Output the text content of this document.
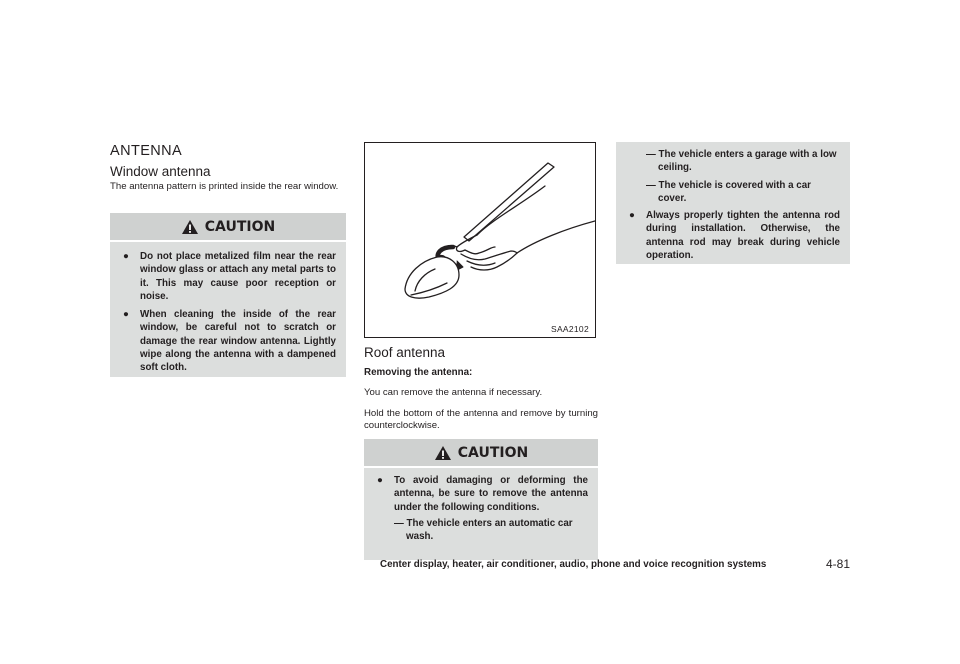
ANTENNA
Window antenna

The antenna pattern is printed inside the rear window.

CAUTION
● Do not place metalized film near the rear window glass or attach any metal parts to it. This may cause poor reception or noise.
● When cleaning the inside of the rear window, be careful not to scratch or damage the rear window antenna. Lightly wipe along the antenna with a dampened soft cloth.
SAA2102
Roof antenna

Removing the antenna:

You can remove the antenna if necessary.

Hold the bottom of the antenna and remove by turning counterclockwise.

CAUTION
● To avoid damaging or deforming the antenna, be sure to remove the antenna under the following conditions.
— The vehicle enters an automatic car wash.
— The vehicle enters a garage with a low ceiling.
— The vehicle is covered with a car cover.
● Always properly tighten the antenna rod during installation. Otherwise, the antenna rod may break during vehicle operation.
Center display, heater, air conditioner, audio, phone and voice recognition systems	4-81
